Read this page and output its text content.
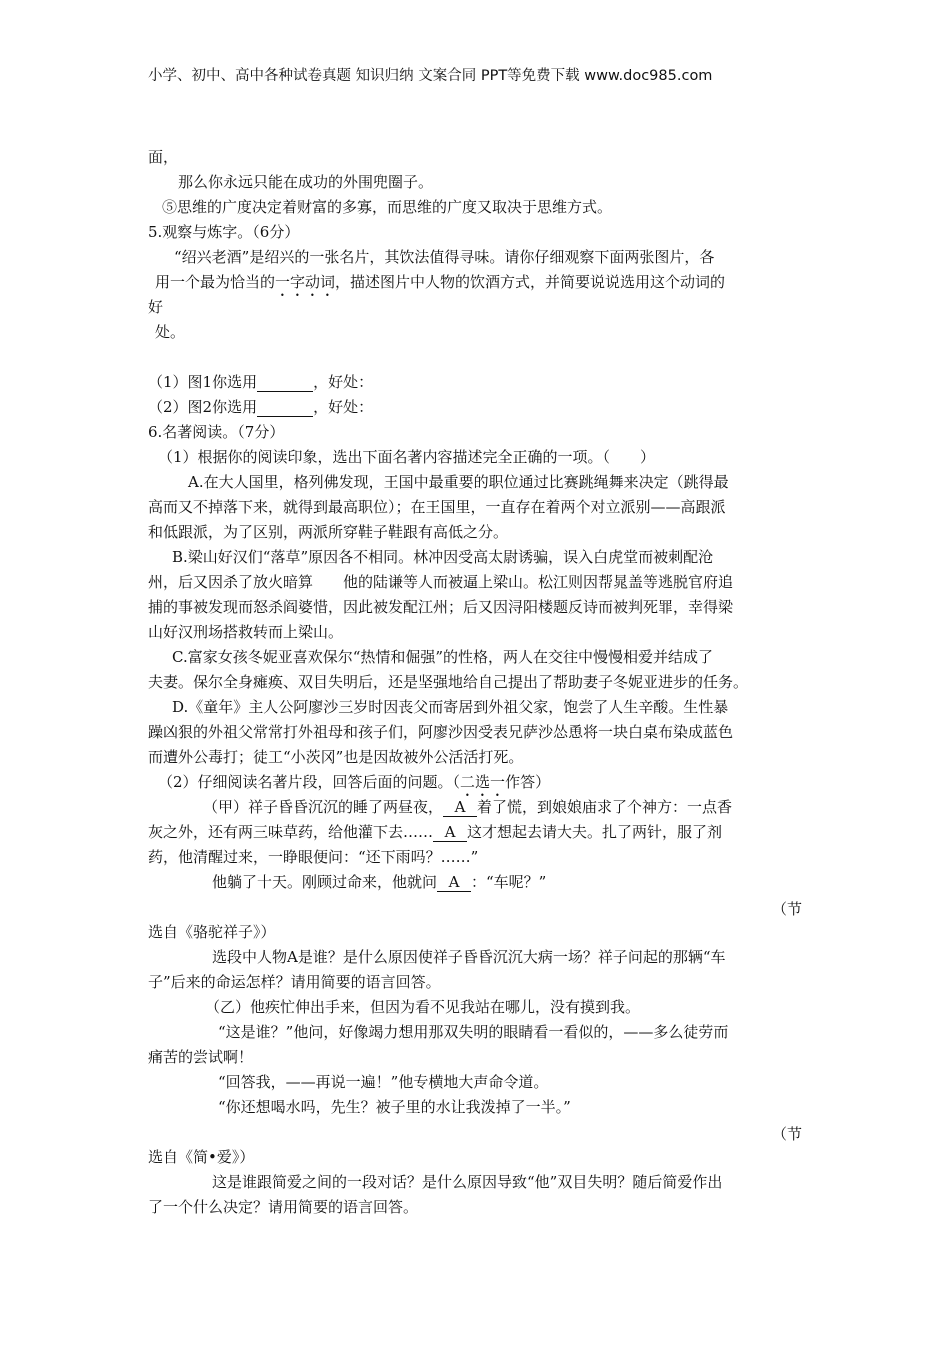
小学、初中、高中各种试卷真题 知识归纳 文案合同 PPT等免费下载 www.doc985.com
面，
那么你永远只能在成功的外围兜圈子。
⑤思维的广度决定着财富的多寡，而思维的广度又取决于思维方式。
5.观察与炼字。（6分）
“绍兴老酒”是绍兴的一张名片，其饮法值得寻味。请你仔细观察下面两张图片，各
用一个最为恰当的一字动词，描述图片中人物的饮酒方式，并简要说说选用这个动词的
好
处。
（1）图1你选用	，好处：
（2）图2你选用	，好处：
6.名著阅读。（7分）
（1）根据你的阅读印象，选出下面名著内容描述完全正确的一项。（　　）
A.在大人国里，格列佛发现，王国中最重要的职位通过比赛跳绳舞来决定（跳得最
高而又不掉落下来，就得到最高职位）；在王国里，一直存在着两个对立派别——高跟派
和低跟派，为了区别，两派所穿鞋子鞋跟有高低之分。
B.梁山好汉们“落草”原因各不相同。林冲因受高太尉诱骗，误入白虎堂而被刺配沧
州，后又因杀了放火暗算　　他的陆谦等人而被逼上梁山。松江则因帮晁盖等逃脱官府追
捕的事被发现而怒杀阎婆惜，因此被发配江州；后又因浔阳楼题反诗而被判死罪，幸得梁
山好汉刑场搭救转而上梁山。
C.富家女孩冬妮亚喜欢保尔“热情和倔强”的性格，两人在交往中慢慢相爱并结成了
夫妻。保尔全身瘫痪、双目失明后，还是坚强地给自己提出了帮助妻子冬妮亚进步的任务。
D.《童年》主人公阿廖沙三岁时因丧父而寄居到外祖父家，饱尝了人生辛酸。生性暴
躁凶狠的外祖父常常打外祖母和孩子们，阿廖沙因受表兄萨沙怂恿将一块白桌布染成蓝色
而遭外公毒打；徒工“小茨冈”也是因故被外公活活打死。
（2）仔细阅读名著片段，回答后面的问题。（二选一作答）
（甲）祥子昏昏沉沉的睡了两昼夜， A 着了慌，到娘娘庙求了个神方：一点香
灰之外，还有两三味草药，给他灌下去…… A 这才想起去请大夫。扎了两针，服了剂
药，他清醒过来，一睁眼便问：“还下雨吗？……”
他躺了十天。刚顾过命来，他就问 A ：“车呢？”
（节
选自《骆驼祥子》）
选段中人物A是谁？是什么原因使祥子昏昏沉沉大病一场？祥子问起的那辆“车
子”后来的命运怎样？请用简要的语言回答。
（乙）他疾忙伸出手来，但因为看不见我站在哪儿，没有摸到我。
“这是谁？”他问，好像竭力想用那双失明的眼睛看一看似的，——多么徒劳而
痛苦的尝试啊！
“回答我，——再说一遍！”他专横地大声命令道。
“你还想喝水吗，先生？被子里的水让我泼掉了一半。”
（节
选自《简•爱》）
这是谁跟简爱之间的一段对话？是什么原因导致“他”双目失明？随后简爱作出
了一个什么决定？请用简要的语言回答。
